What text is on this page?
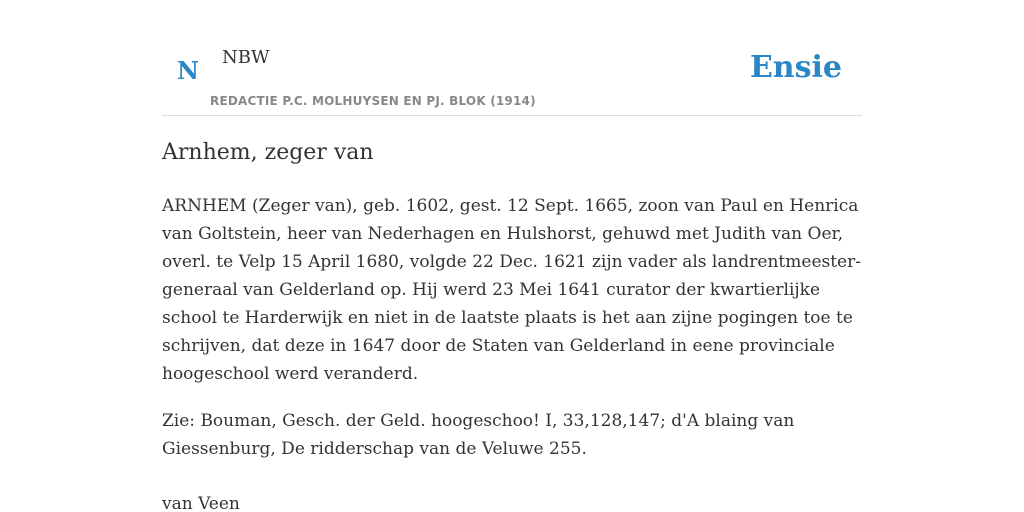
N NBW
REDACTIE P.C. MOLHUYSEN EN PJ. BLOK (1914)
Ensie
Arnhem, zeger van

ARNHEM (Zeger van), geb. 1602, gest. 12 Sept. 1665, zoon van Paul en Henrica van Goltstein, heer van Nederhagen en Hulshorst, gehuwd met Judith van Oer, overl. te Velp 15 April 1680, volgde 22 Dec. 1621 zijn vader als landrentmeester-generaal van Gelderland op. Hij werd 23 Mei 1641 curator der kwartierlijke school te Harderwijk en niet in de laatste plaats is het aan zijne pogingen toe te schrijven, dat deze in 1647 door de Staten van Gelderland in eene provinciale hoogeschool werd veranderd.

Zie: Bouman, Gesch. der Geld. hoogeschoo! I, 33,128,147; d'A blaing van Giessenburg, De ridderschap van de Veluwe 255.

van Veen
